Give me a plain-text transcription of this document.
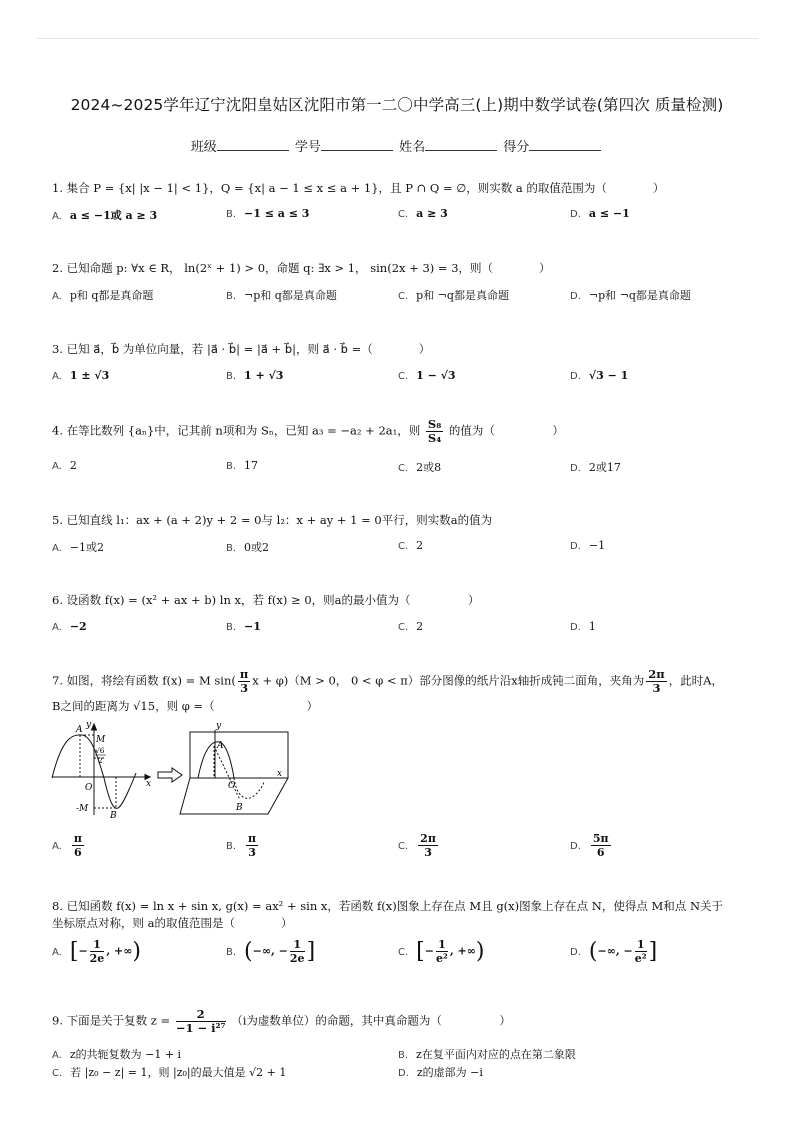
2024~2025学年辽宁沈阳皇姑区沈阳市第一二〇中学高三(上)期中数学试卷(第四次 质量检测)
班级	学号	姓名	得分
1. 集合 P = {x| |x − 1| < 1}，Q = {x| a − 1 ≤ x ≤ a + 1}，且 P ∩ Q = ∅，则实数 a 的取值范围为（　　　　）
A. a ≤ −1或 a ≥ 3	B. −1 ≤ a ≤ 3	C. a ≥ 3	D. a ≤ −1
2. 已知命题 p: ∀x ∈ R， ln(2ˣ + 1) > 0，命题 q: ∃x > 1， sin(2x + 3) = 3，则（　　　　）
A. p和 q都是真命题	B. ¬p和 q都是真命题	C. p和 ¬q都是真命题	D. ¬p和 ¬q都是真命题
3. 已知 a⃗，b⃗ 为单位向量，若 |a⃗ · b⃗| = |a⃗ + b⃗|，则 a⃗ · b⃗ =（　　　　）
A. 1 ± √3	B. 1 + √3	C. 1 − √3	D. √3 − 1
4. 在等比数列 {aₙ}中，记其前 n项和为 Sₙ，已知 a₃ = −a₂ + 2a₁，则 $\frac{\text{S₈}}{\text{S₄}}$ 的值为（　　　　　）
A. 2	B. 17	C. 2或8	D. 2或17
5. 已知直线 l₁：ax + (a + 2)y + 2 = 0与 l₂：x + ay + 1 = 0平行，则实数a的值为
A. −1或2	B. 0或2	C. 2	D. −1
6. 设函数 f(x) = (x² + ax + b) ln x，若 f(x) ≥ 0，则a的最小值为（　　　　　）
A. −2	B. −1	C. 2	D. 1
7. 如图，将绘有函数 f(x) = M $\sin( \frac{\pi}{3}$ x + φ)（M > 0， 0 < φ < π）部分图像的纸片沿x轴折成钝二面角，夹角为 $\frac{2\pi}{3}$ ，此时A，
B之间的距离为 √15，则 φ =（　　　　　　　　）
y
x
A
M
√6
2
O
-M
B
A
x
y
O
B
A. $\frac{\pi}{6}$	B. $\frac{\pi}{3}$	C. $\frac{2\pi}{3}$	D. $\frac{5\pi}{6}$
8. 已知函数 f(x) = ln x + sin x, g(x) = ax² + sin x，若函数 f(x)图象上存在点 M且 g(x)图象上存在点 N，使得点 M和点 N关于
坐标原点对称，则 a的取值范围是（　　　　）
A. [− $\frac{1}{2e}$ , +∞)	B. (−∞, − $\frac{1}{2e}$ ]	C. [− $\frac{1}{\text{e²}}$ , +∞)	D. (−∞, − $\frac{1}{\text{e²}}$ ]
9. 下面是关于复数 $z = \frac{2}{\text{−1 − i²⁷}} (i$为虚数单位）的命题，其中真命题为（　　　　　）
A. z的共轭复数为 −1 + i	B. z在复平面内对应的点在第二象限
C. 若 |z₀ − z| = 1，则 |z₀|的最大值是 √2 + 1	D. z的虚部为 −i
